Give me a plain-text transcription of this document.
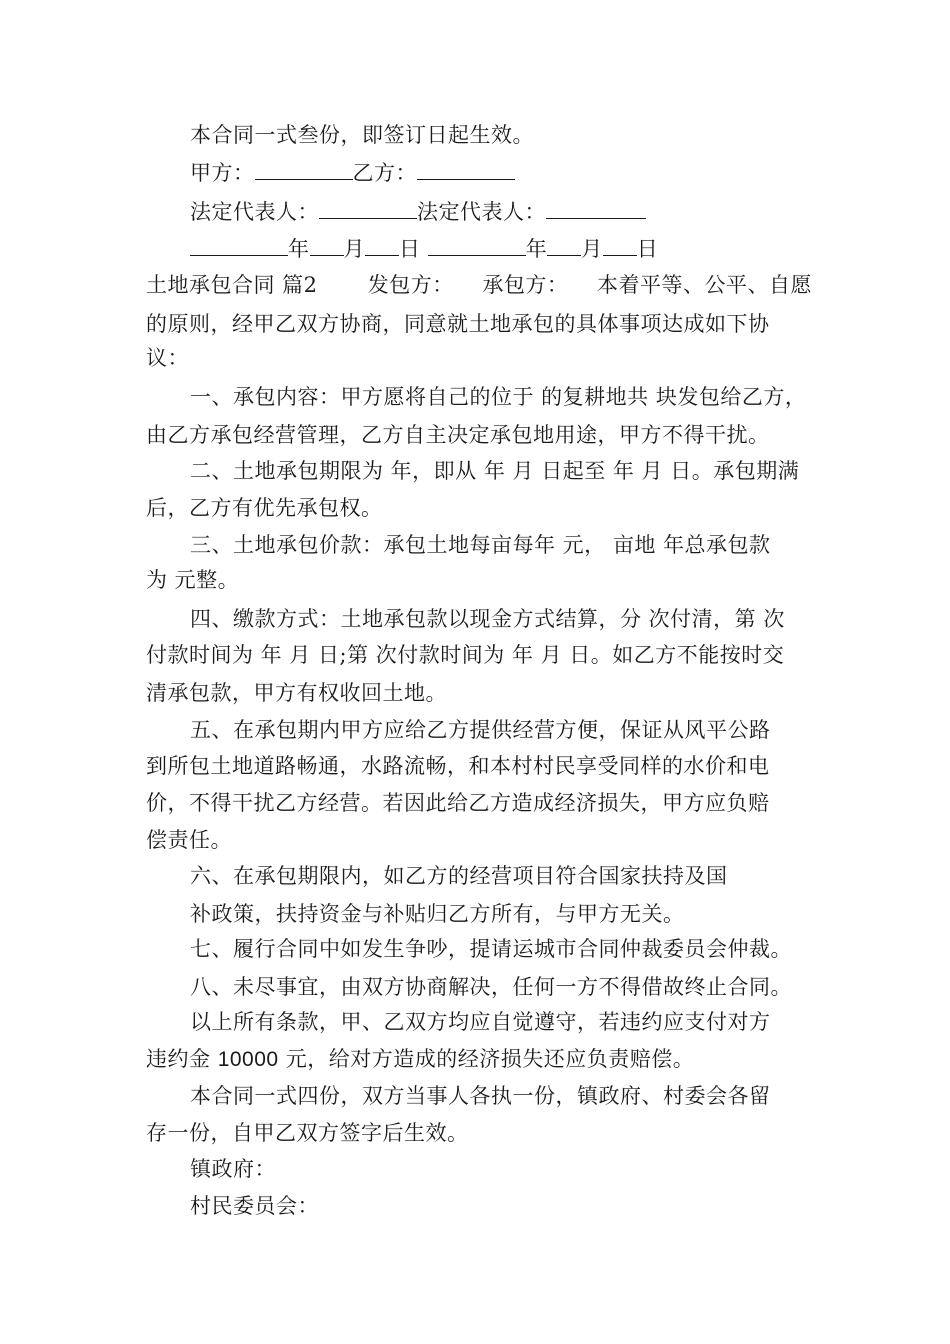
本合同一式叁份，即签订日起生效。
甲方：	乙方：
法定代表人：	法定代表人：
年 月 日	年 月 日
土地承包合同 篇2 　　发包方： 　承包方： 　本着平等、公平、自愿
的原则，经甲乙双方协商，同意就土地承包的具体事项达成如下协
议：
一、承包内容：甲方愿将自己的位于 的复耕地共 块发包给乙方，
由乙方承包经营管理，乙方自主决定承包地用途，甲方不得干扰。
二、土地承包期限为 年，即从 年 月 日起至 年 月 日。承包期满
后，乙方有优先承包权。
三、土地承包价款：承包土地每亩每年 元， 亩地 年总承包款
为 元整。
四、缴款方式：土地承包款以现金方式结算，分 次付清，第 次
付款时间为 年 月 日;第 次付款时间为 年 月 日。如乙方不能按时交
清承包款，甲方有权收回土地。
五、在承包期内甲方应给乙方提供经营方便，保证从风平公路
到所包土地道路畅通，水路流畅，和本村村民享受同样的水价和电
价，不得干扰乙方经营。若因此给乙方造成经济损失，甲方应负赔
偿责任。
六、在承包期限内，如乙方的经营项目符合国家扶持及国
补政策，扶持资金与补贴归乙方所有，与甲方无关。
七、履行合同中如发生争吵，提请运城市合同仲裁委员会仲裁。
八、未尽事宜，由双方协商解决，任何一方不得借故终止合同。
以上所有条款，甲、乙双方均应自觉遵守，若违约应支付对方
违约金 10000 元，给对方造成的经济损失还应负责赔偿。
本合同一式四份，双方当事人各执一份，镇政府、村委会各留
存一份，自甲乙双方签字后生效。
镇政府：
村民委员会：
